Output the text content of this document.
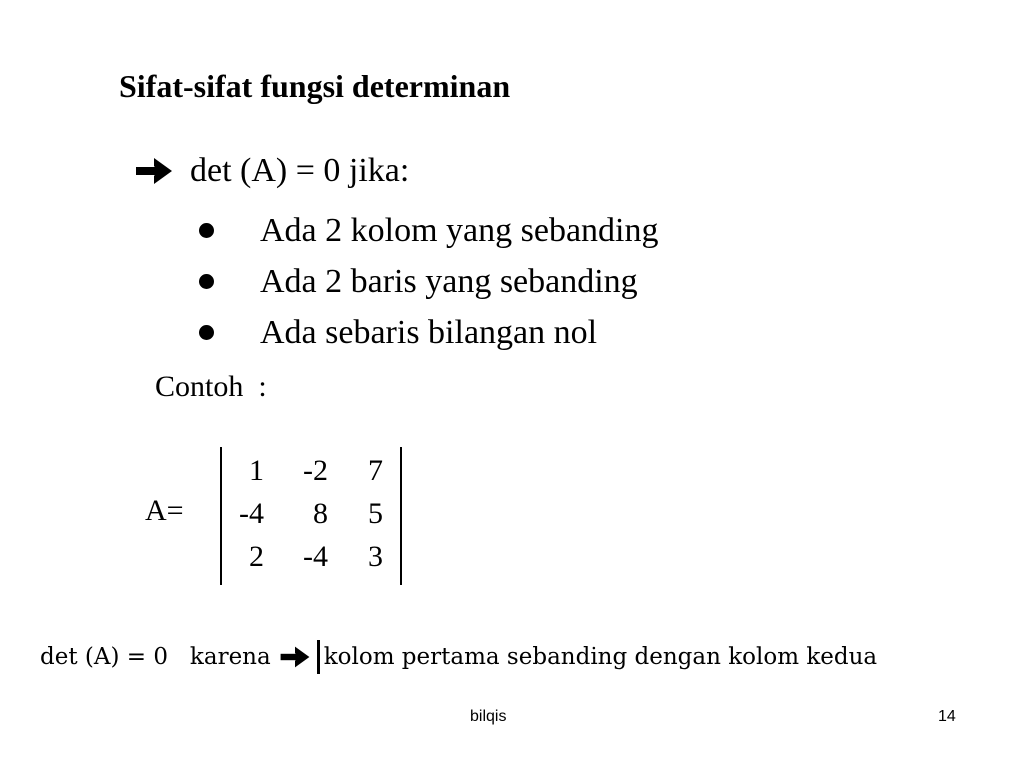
Sifat-sifat fungsi determinan
det (A) = 0 jika:
Ada 2 kolom yang sebanding
Ada 2 baris yang sebanding
Ada sebaris bilangan nol
Contoh  :
A=
1	-2	7
-4	8	5
2	-4	3
det (A) = 0
karena kolom pertama sebanding dengan kolom kedua
bilqis	14
